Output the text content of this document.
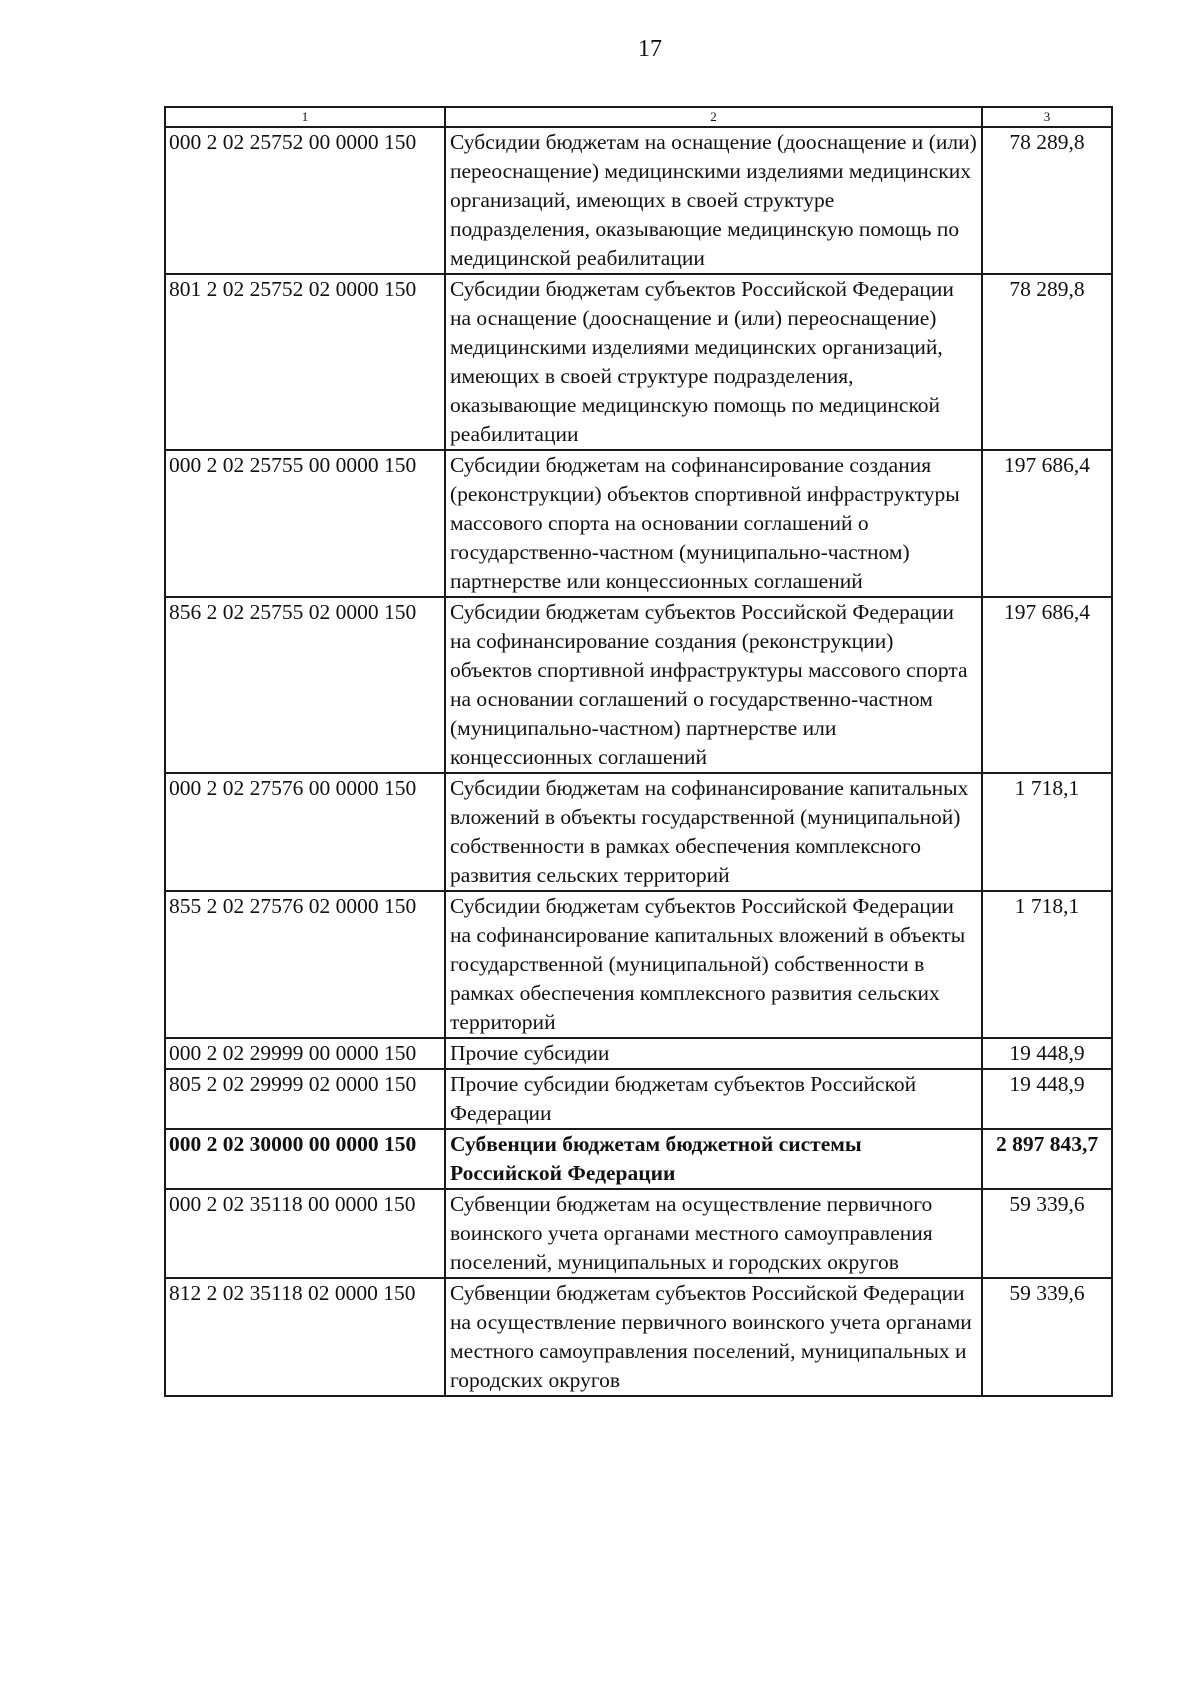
17
1	2	3
000 2 02 25752 00 0000 150	Субсидии бюджетам на оснащение (дооснащение и (или) переоснащение) медицинскими изделиями медицинских организаций, имеющих в своей структуре подразделения, оказывающие медицинскую помощь по медицинской реабилитации	78 289,8
801 2 02 25752 02 0000 150	Субсидии бюджетам субъектов Российской Федерации на оснащение (дооснащение и (или) переоснащение) медицинскими изделиями медицинских организаций, имеющих в своей структуре подразделения, оказывающие медицинскую помощь по медицинской реабилитации	78 289,8
000 2 02 25755 00 0000 150	Субсидии бюджетам на софинансирование создания (реконструкции) объектов спортивной инфраструктуры массового спорта на основании соглашений о государственно-частном (муниципально-частном) партнерстве или концессионных соглашений	197 686,4
856 2 02 25755 02 0000 150	Субсидии бюджетам субъектов Российской Федерации на софинансирование создания (реконструкции) объектов спортивной инфраструктуры массового спорта на основании соглашений о государственно-частном (муниципально-частном) партнерстве или концессионных соглашений	197 686,4
000 2 02 27576 00 0000 150	Субсидии бюджетам на софинансирование капитальных вложений в объекты государственной (муниципальной) собственности в рамках обеспечения комплексного развития сельских территорий	1 718,1
855 2 02 27576 02 0000 150	Субсидии бюджетам субъектов Российской Федерации на софинансирование капитальных вложений в объекты государственной (муниципальной) собственности в рамках обеспечения комплексного развития сельских территорий	1 718,1
000 2 02 29999 00 0000 150	Прочие субсидии	19 448,9
805 2 02 29999 02 0000 150	Прочие субсидии бюджетам субъектов Российской Федерации	19 448,9
000 2 02 30000 00 0000 150	Субвенции бюджетам бюджетной системы Российской Федерации	2 897 843,7
000 2 02 35118 00 0000 150	Субвенции бюджетам на осуществление первичного воинского учета органами местного самоуправления поселений, муниципальных и городских округов	59 339,6
812 2 02 35118 02 0000 150	Субвенции бюджетам субъектов Российской Федерации на осуществление первичного воинского учета органами местного самоуправления поселений, муниципальных и городских округов	59 339,6
